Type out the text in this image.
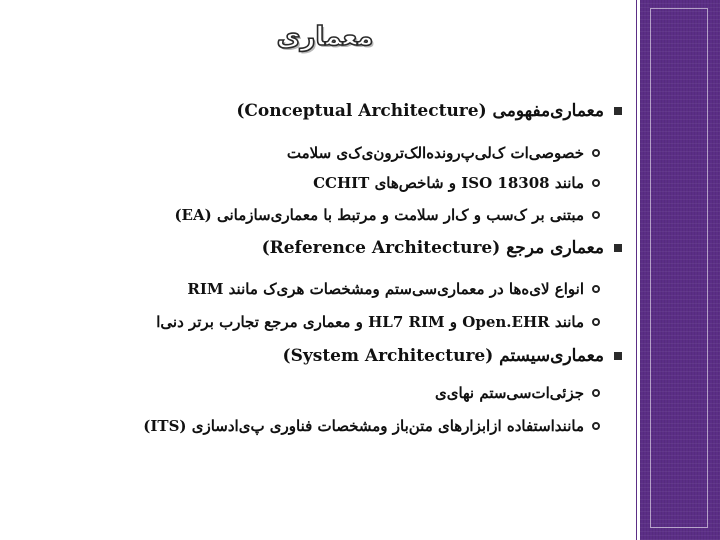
معماری
معماری‌مفهومی (Conceptual Architecture)
خصوصی‌ات ک‌لی‌پ‌رونده‌الک‌ترون‌ی‌ک‌ی‌ سلامت
مانند ISO 18308 و شاخص‌های CCHIT
مبتنی بر ک‌سب و ک‌ار سلامت و مرتبط با معماری‌سازمانی (EA)
معماری مرجع (Reference Architecture)
انواع لای‌ه‌ها در معماری‌سی‌ستم ومشخصات هری‌ک مانند RIM
مانند Open.EHR و HL7 RIM و معماری مرجع تجارب برتر دنی‌ا
معماری‌سیستم (System Architecture)
جزئی‌ات‌سی‌ستم نهای‌ی
مانند‌استفاده از‌ابزارهای متن‌باز ومشخصات فناوری پ‌ی‌ادسازی (ITS)
